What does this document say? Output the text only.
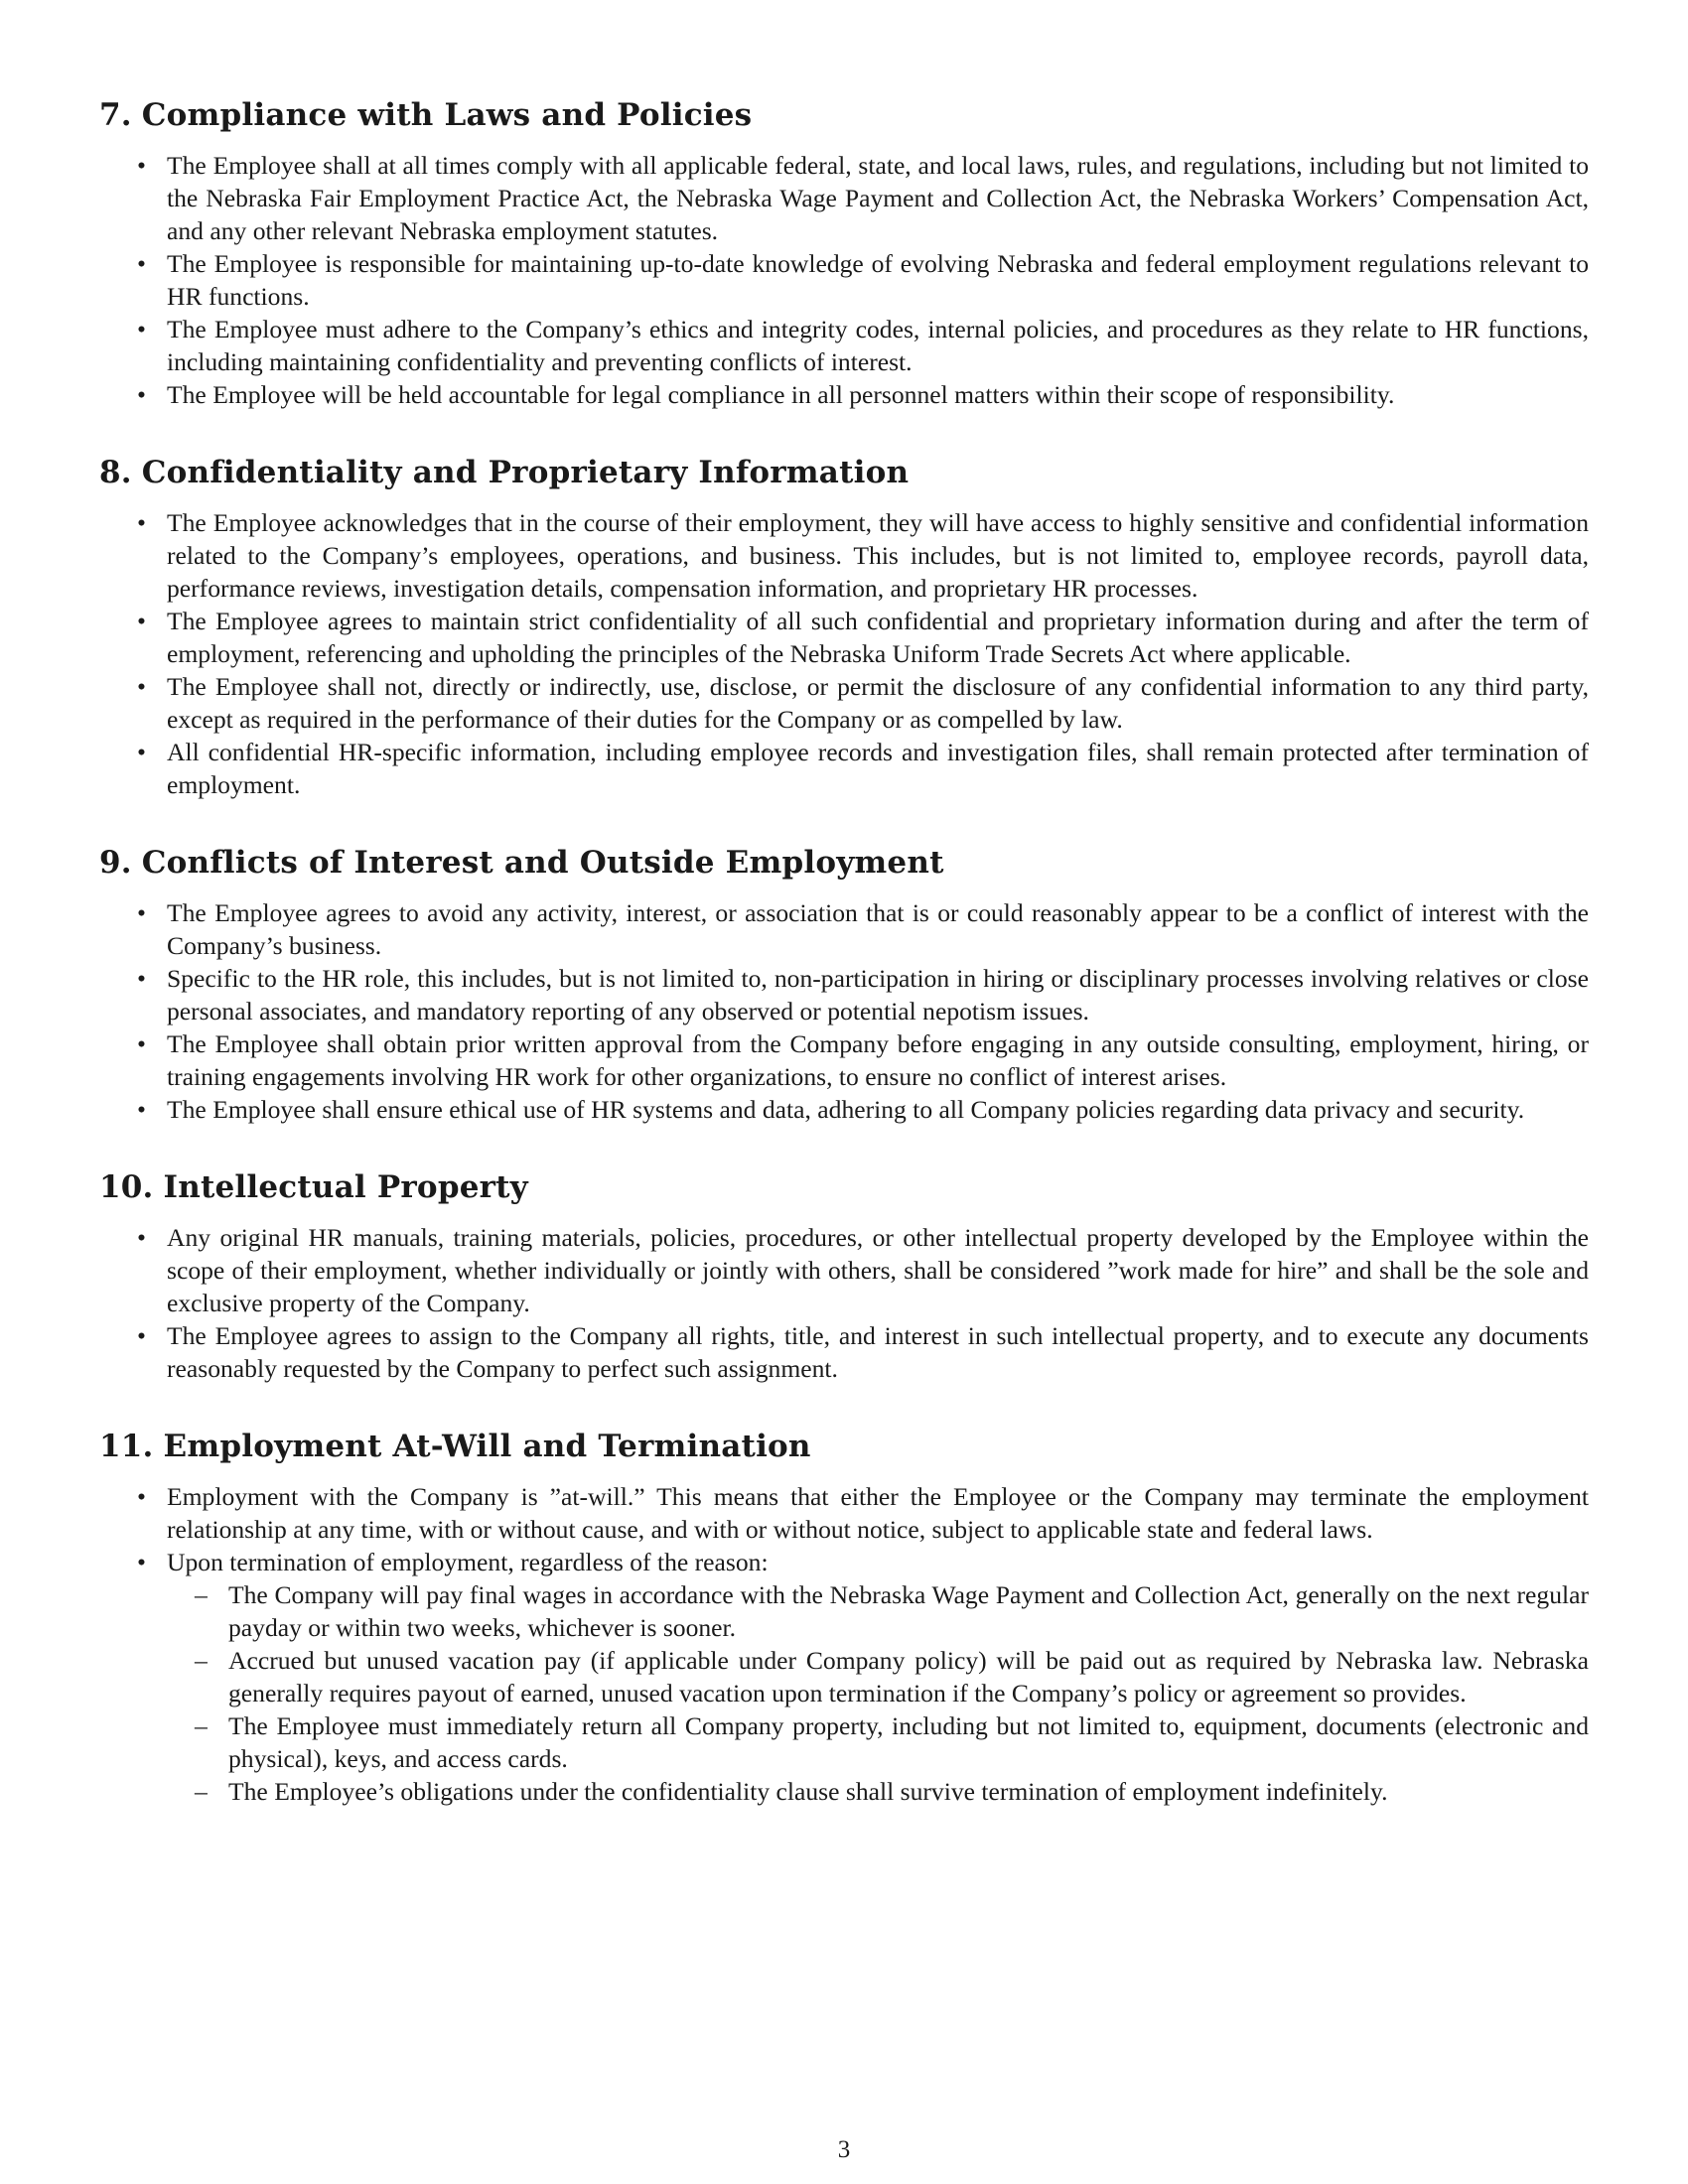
7. Compliance with Laws and Policies
• The Employee shall at all times comply with all applicable federal, state, and local laws, rules, and regulations, including but not limited to the Nebraska Fair Employment Practice Act, the Nebraska Wage Payment and Collection Act, the Nebraska Workers’ Compensation Act, and any other relevant Nebraska employment statutes.
• The Employee is responsible for maintaining up-to-date knowledge of evolving Nebraska and federal employment regulations relevant to HR functions.
• The Employee must adhere to the Company’s ethics and integrity codes, internal policies, and procedures as they relate to HR functions, including maintaining confidentiality and preventing conflicts of interest.
• The Employee will be held accountable for legal compliance in all personnel matters within their scope of responsibility.
8. Confidentiality and Proprietary Information
• The Employee acknowledges that in the course of their employment, they will have access to highly sensitive and confidential information related to the Company’s employees, operations, and business. This includes, but is not limited to, employee records, payroll data, performance reviews, investigation details, compensation information, and proprietary HR processes.
• The Employee agrees to maintain strict confidentiality of all such confidential and proprietary information during and after the term of employment, referencing and upholding the principles of the Nebraska Uniform Trade Secrets Act where applicable.
• The Employee shall not, directly or indirectly, use, disclose, or permit the disclosure of any confidential information to any third party, except as required in the performance of their duties for the Company or as compelled by law.
• All confidential HR-specific information, including employee records and investigation files, shall remain protected after termination of employment.
9. Conflicts of Interest and Outside Employment
• The Employee agrees to avoid any activity, interest, or association that is or could reasonably appear to be a conflict of interest with the Company’s business.
• Specific to the HR role, this includes, but is not limited to, non-participation in hiring or disciplinary processes involving relatives or close personal associates, and mandatory reporting of any observed or potential nepotism issues.
• The Employee shall obtain prior written approval from the Company before engaging in any outside consulting, employment, hiring, or training engagements involving HR work for other organizations, to ensure no conflict of interest arises.
• The Employee shall ensure ethical use of HR systems and data, adhering to all Company policies regarding data privacy and security.
10. Intellectual Property
• Any original HR manuals, training materials, policies, procedures, or other intellectual property developed by the Employee within the scope of their employment, whether individually or jointly with others, shall be considered ”work made for hire” and shall be the sole and exclusive property of the Company.
• The Employee agrees to assign to the Company all rights, title, and interest in such intellectual property, and to execute any documents reasonably requested by the Company to perfect such assignment.
11. Employment At-Will and Termination
• Employment with the Company is ”at-will.” This means that either the Employee or the Company may terminate the employment relationship at any time, with or without cause, and with or without notice, subject to applicable state and federal laws.
• Upon termination of employment, regardless of the reason:
– The Company will pay final wages in accordance with the Nebraska Wage Payment and Collection Act, generally on the next regular payday or within two weeks, whichever is sooner.
– Accrued but unused vacation pay (if applicable under Company policy) will be paid out as required by Nebraska law. Nebraska generally requires payout of earned, unused vacation upon termination if the Company’s policy or agreement so provides.
– The Employee must immediately return all Company property, including but not limited to, equipment, documents (electronic and physical), keys, and access cards.
– The Employee’s obligations under the confidentiality clause shall survive termination of employment indefinitely.
3
